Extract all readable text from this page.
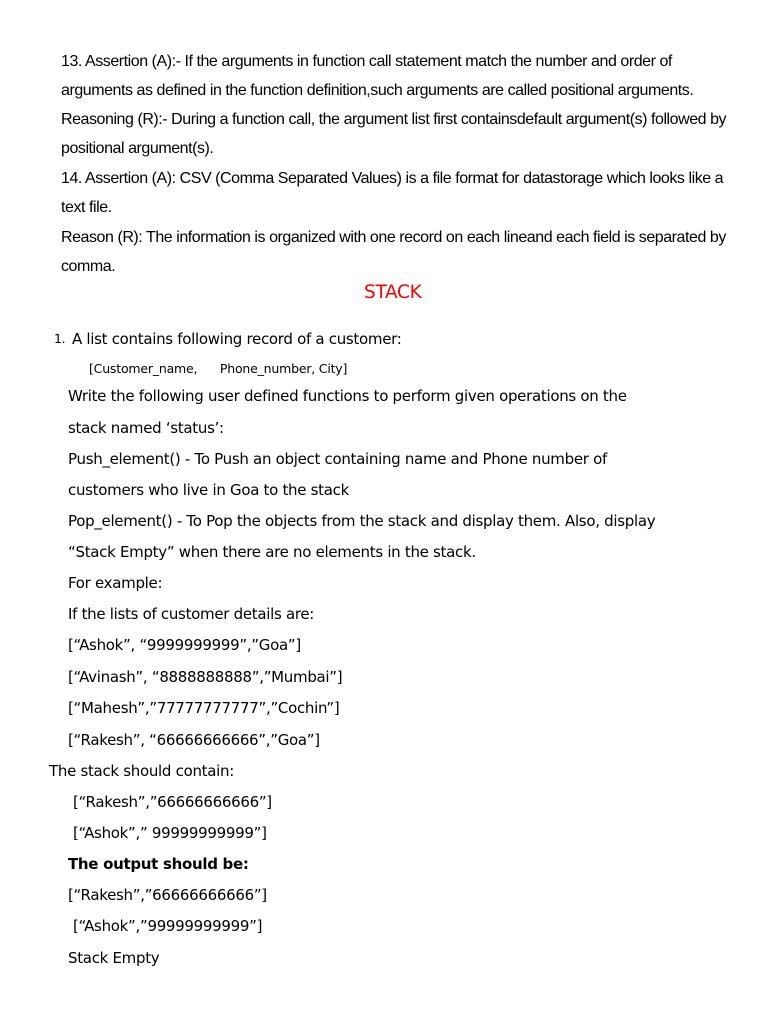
13. Assertion (A):- If the arguments in function call statement match the number and order of

arguments as defined in the function definition,such arguments are called positional arguments.

Reasoning (R):- During a function call, the argument list first containsdefault argument(s) followed by

positional argument(s).

14. Assertion (A): CSV (Comma Separated Values) is a file format for datastorage which looks like a

text file.

Reason (R): The information is organized with one record on each lineand each field is separated by

comma.

STACK

1. A list contains following record of a customer:

[Customer_name,      Phone_number, City]

Write the following user defined functions to perform given operations on the

stack named ‘status’:

Push_element() - To Push an object containing name and Phone number of

customers who live in Goa to the stack

Pop_element() - To Pop the objects from the stack and display them. Also, display

“Stack Empty” when there are no elements in the stack.

For example:

If the lists of customer details are:

[“Ashok”, “9999999999”,”Goa”]

[“Avinash”, “8888888888”,”Mumbai”]

[“Mahesh”,”77777777777”,”Cochin”]

[“Rakesh”, “66666666666”,”Goa”]

The stack should contain:

[“Rakesh”,”66666666666”]

[“Ashok”,” 99999999999”]

The output should be:

[“Rakesh”,”66666666666”]

[“Ashok”,”99999999999”]

Stack Empty
